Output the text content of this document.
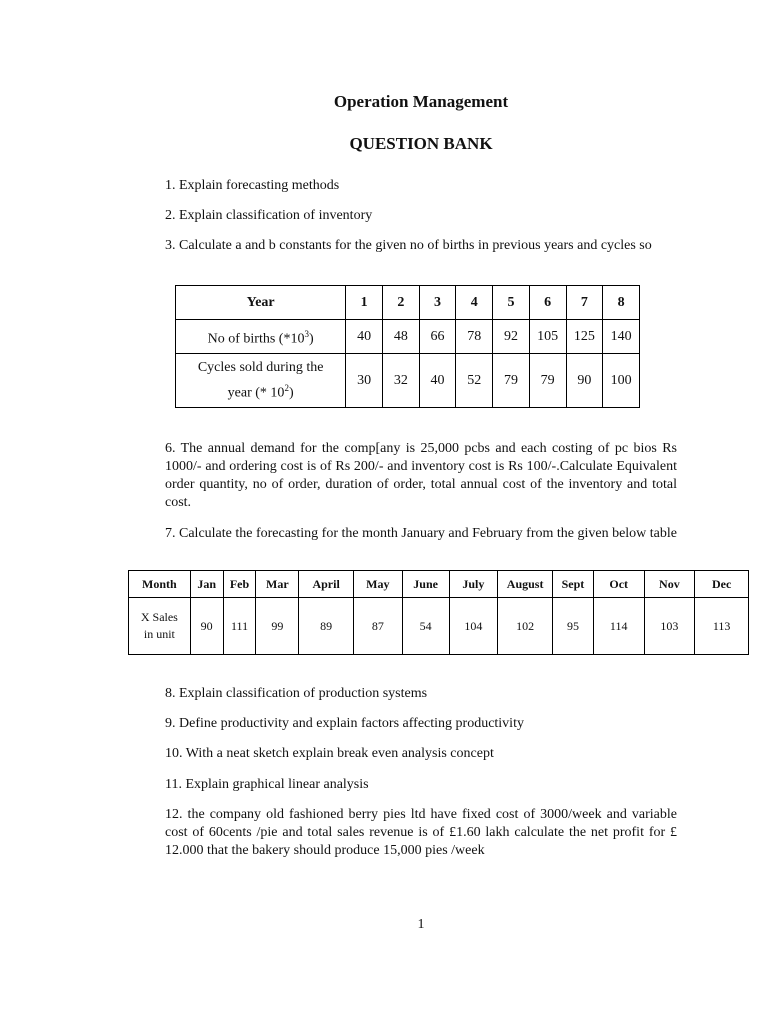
Operation Management
QUESTION BANK

1. Explain forecasting methods

2. Explain classification of inventory

3. Calculate a and b constants for the given no of births in previous years and cycles so

Year	1	2	3	4	5	6	7	8
No of births $(*10^3)$	40	48	66	78	92	105	125	140
Cycles sold during the
year (* $10^2$)	30	32	40	52	79	79	90	100

6. The annual demand for the comp[any is 25,000 pcbs and each costing of pc bios Rs 1000/- and ordering cost is of Rs 200/- and inventory cost is Rs 100/-.Calculate Equivalent order quantity, no of order, duration of order, total annual cost of the inventory and total cost.

7. Calculate the forecasting for the month January and February from the given below table

Month	Jan	Feb	Mar	April	May	June	July	August	Sept	Oct	Nov	Dec
X Sales
in unit	90	111	99	89	87	54	104	102	95	114	103	113

8. Explain classification of production systems

9. Define productivity and explain factors affecting productivity

10. With a neat sketch explain break even analysis concept

11. Explain graphical linear analysis

12. the company old fashioned berry pies ltd have fixed cost of 3000/week and variable cost of 60cents /pie and total sales revenue is of £1.60 lakh calculate the net profit for £ 12.000 that the bakery should produce 15,000 pies /week

1
